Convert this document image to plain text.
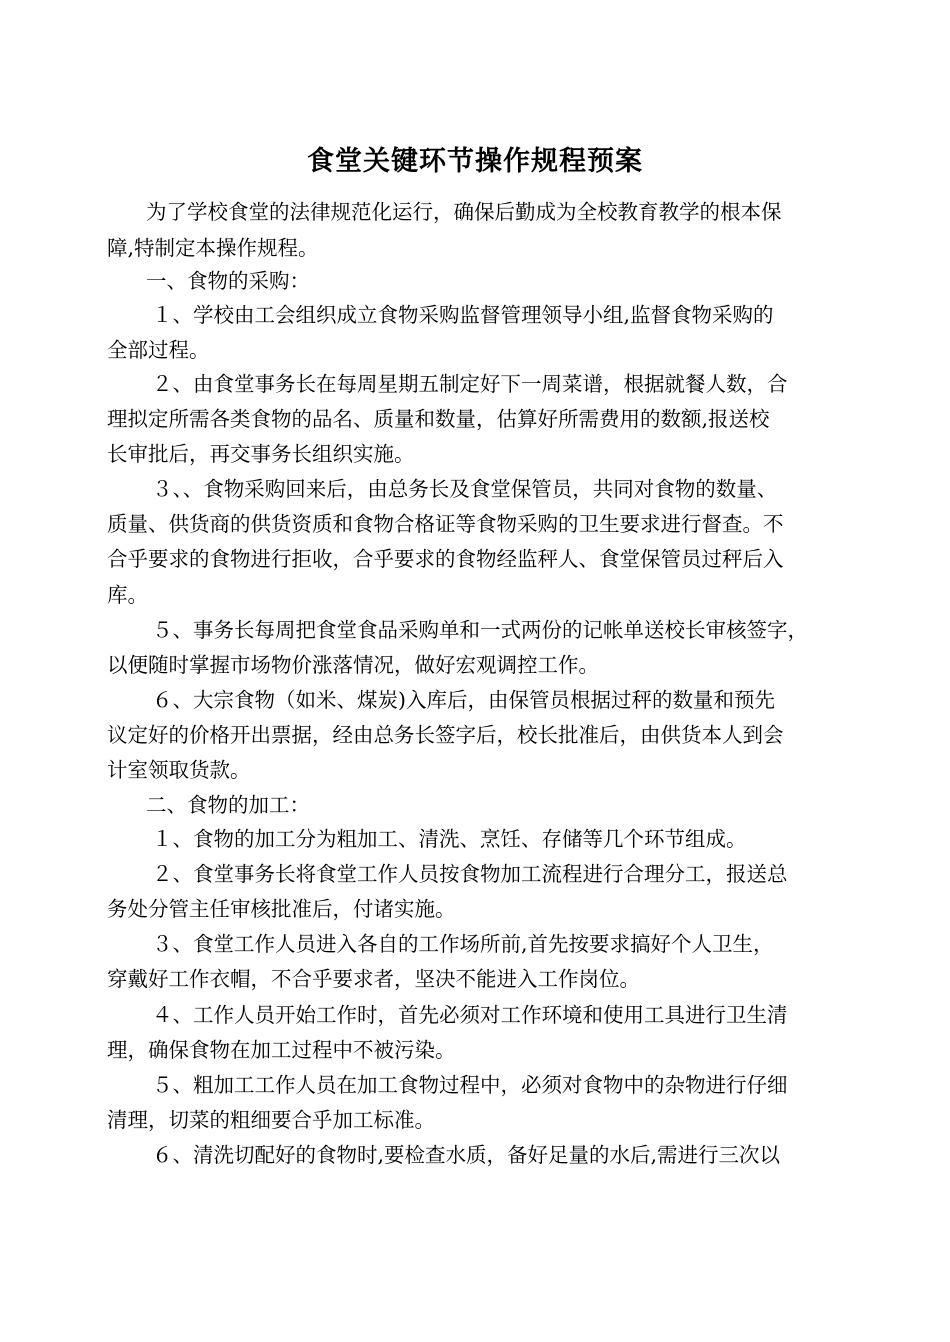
食堂关键环节操作规程预案
为了学校食堂的法律规范化运行，确保后勤成为全校教育教学的根本保
障,特制定本操作规程。
一、食物的采购：
１、学校由工会组织成立食物采购监督管理领导小组,监督食物采购的
全部过程。
２、由食堂事务长在每周星期五制定好下一周菜谱，根据就餐人数，合
理拟定所需各类食物的品名、质量和数量，估算好所需费用的数额,报送校
长审批后，再交事务长组织实施。
３、、食物采购回来后，由总务长及食堂保管员，共同对食物的数量、
质量、供货商的供货资质和食物合格证等食物采购的卫生要求进行督查。不
合乎要求的食物进行拒收，合乎要求的食物经监秤人、食堂保管员过秤后入
库。
５、事务长每周把食堂食品采购单和一式两份的记帐单送校长审核签字，
以便随时掌握市场物价涨落情况，做好宏观调控工作。
６、大宗食物（如米、煤炭)入库后，由保管员根据过秤的数量和预先
议定好的价格开出票据，经由总务长签字后，校长批准后，由供货本人到会
计室领取货款。
二、食物的加工：
１、食物的加工分为粗加工、清洗、烹饪、存储等几个环节组成。
２、食堂事务长将食堂工作人员按食物加工流程进行合理分工，报送总
务处分管主任审核批准后，付诸实施。
３、食堂工作人员进入各自的工作场所前,首先按要求搞好个人卫生，
穿戴好工作衣帽，不合乎要求者，坚决不能进入工作岗位。
４、工作人员开始工作时，首先必须对工作环境和使用工具进行卫生清
理，确保食物在加工过程中不被污染。
５、粗加工工作人员在加工食物过程中，必须对食物中的杂物进行仔细
清理，切菜的粗细要合乎加工标准。
６、清洗切配好的食物时,要检查水质，备好足量的水后,需进行三次以
